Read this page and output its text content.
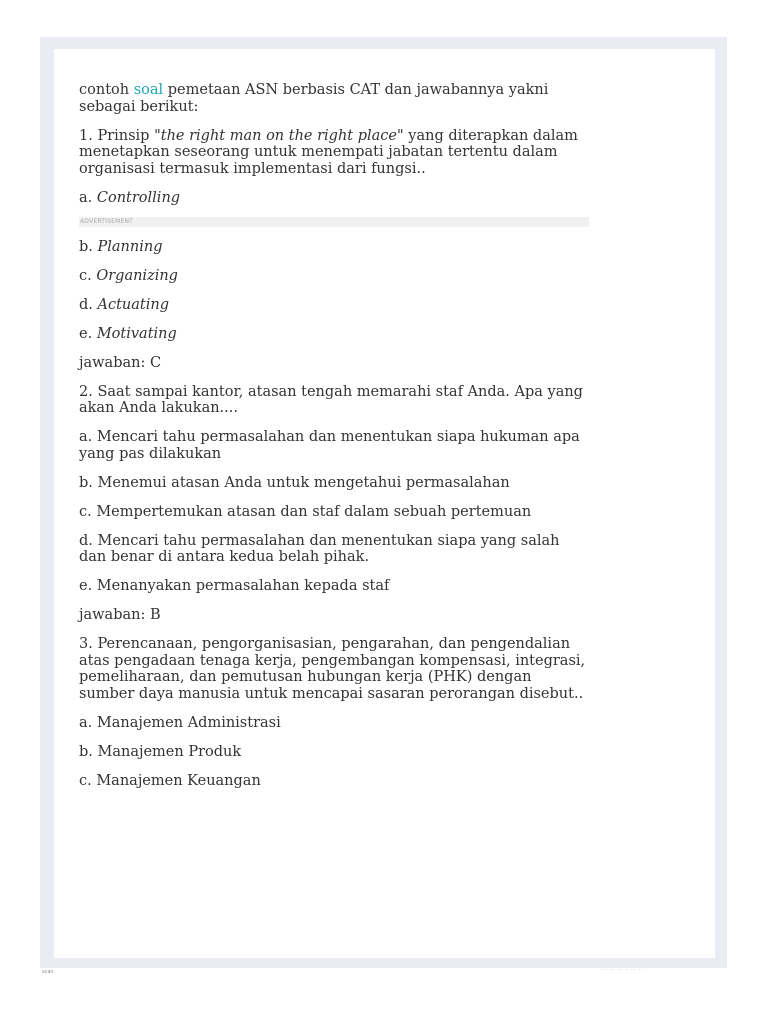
contoh soal pemetaan ASN berbasis CAT dan jawabannya yakni sebagai berikut:

1. Prinsip "the right man on the right place" yang diterapkan dalam menetapkan seseorang untuk menempati jabatan tertentu dalam organisasi termasuk implementasi dari fungsi..

a. Controlling

ADVERTISEMENT

b. Planning

c. Organizing

d. Actuating

e. Motivating

jawaban: C

2. Saat sampai kantor, atasan tengah memarahi staf Anda. Apa yang akan Anda lakukan....

a. Mencari tahu permasalahan dan menentukan siapa hukuman apa yang pas dilakukan

b. Menemui atasan Anda untuk mengetahui permasalahan

c. Mempertemukan atasan dan staf dalam sebuah pertemuan

d. Mencari tahu permasalahan dan menentukan siapa yang salah dan benar di antara kedua belah pihak.

e. Menanyakan permasalahan kepada staf

jawaban: B

3. Perencanaan, pengorganisasian, pengarahan, dan pengendalian atas pengadaan tenaga kerja, pengembangan kompensasi, integrasi, pemeliharaan, dan pemutusan hubungan kerja (PHK) dengan sumber daya manusia untuk mencapai sasaran perorangan disebut..

a. Manajemen Administrasi

b. Manajemen Produk

c. Manajemen Keuangan

scan	... .. .. . .. ..
